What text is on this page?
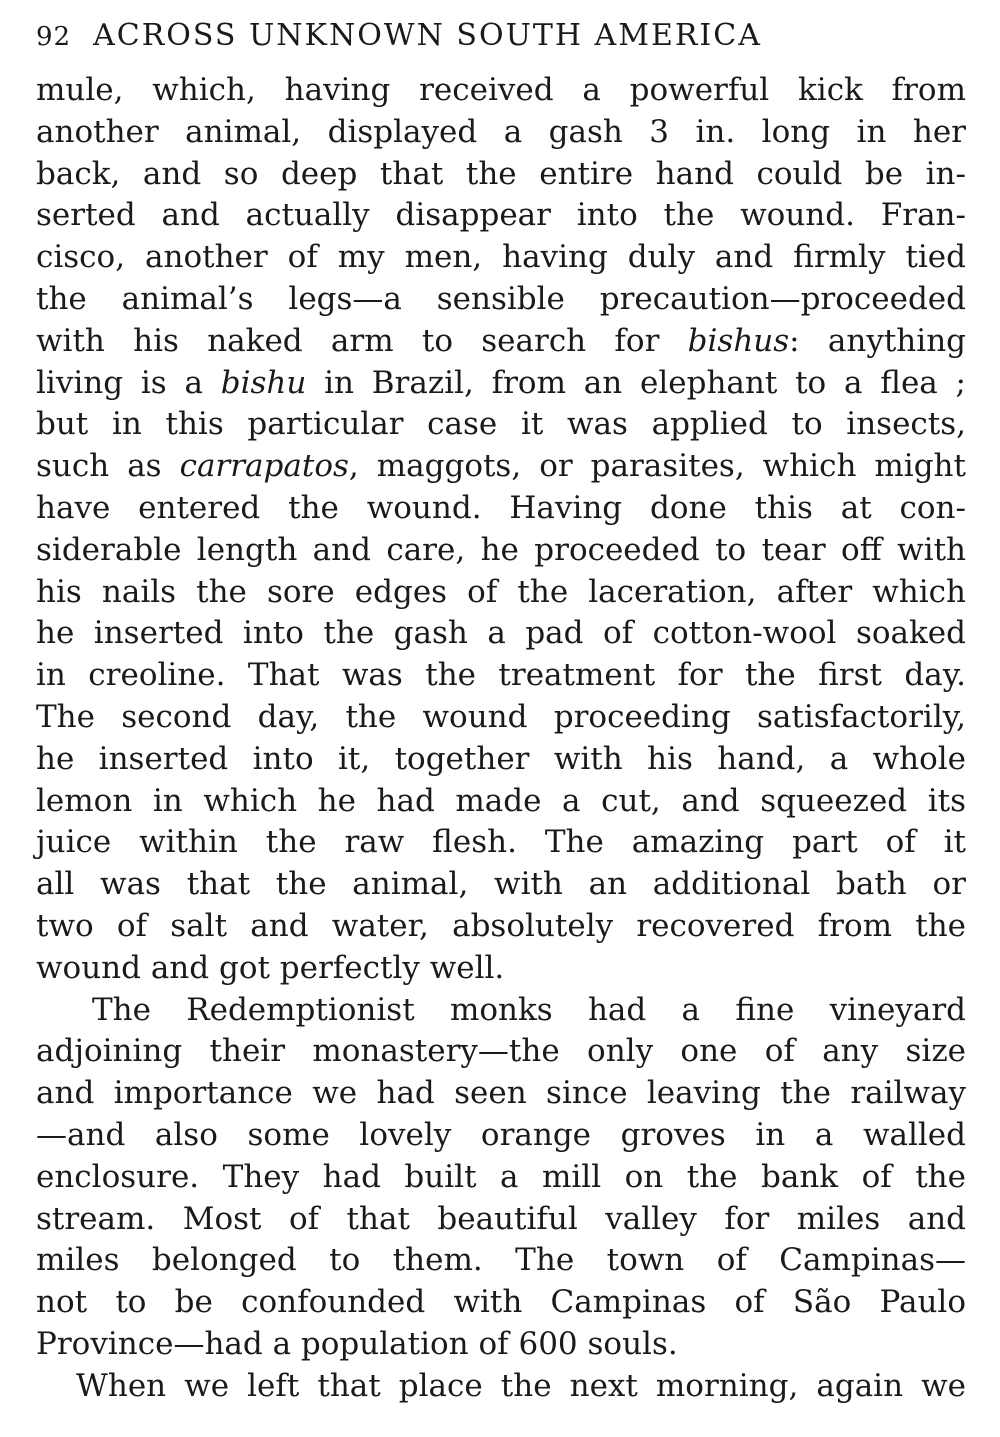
92 ACROSS UNKNOWN SOUTH AMERICA
mule, which, having received a powerful kick from
another animal, displayed a gash 3 in. long in her
back, and so deep that the entire hand could be in-
serted and actually disappear into the wound. Fran-
cisco, another of my men, having duly and firmly tied
the animal’s legs—a sensible precaution—proceeded
with his naked arm to search for bishus: anything
living is a bishu in Brazil, from an elephant to a flea ;
but in this particular case it was applied to insects,
such as carrapatos, maggots, or parasites, which might
have entered the wound. Having done this at con-
siderable length and care, he proceeded to tear off with
his nails the sore edges of the laceration, after which
he inserted into the gash a pad of cotton-wool soaked
in creoline. That was the treatment for the first day.
The second day, the wound proceeding satisfactorily,
he inserted into it, together with his hand, a whole
lemon in which he had made a cut, and squeezed its
juice within the raw flesh. The amazing part of it
all was that the animal, with an additional bath or
two of salt and water, absolutely recovered from the
wound and got perfectly well.
The Redemptionist monks had a fine vineyard
adjoining their monastery—the only one of any size
and importance we had seen since leaving the railway
—and also some lovely orange groves in a walled
enclosure. They had built a mill on the bank of the
stream. Most of that beautiful valley for miles and
miles belonged to them. The town of Campinas—
not to be confounded with Campinas of São Paulo
Province—had a population of 600 souls.
When we left that place the next morning, again we
